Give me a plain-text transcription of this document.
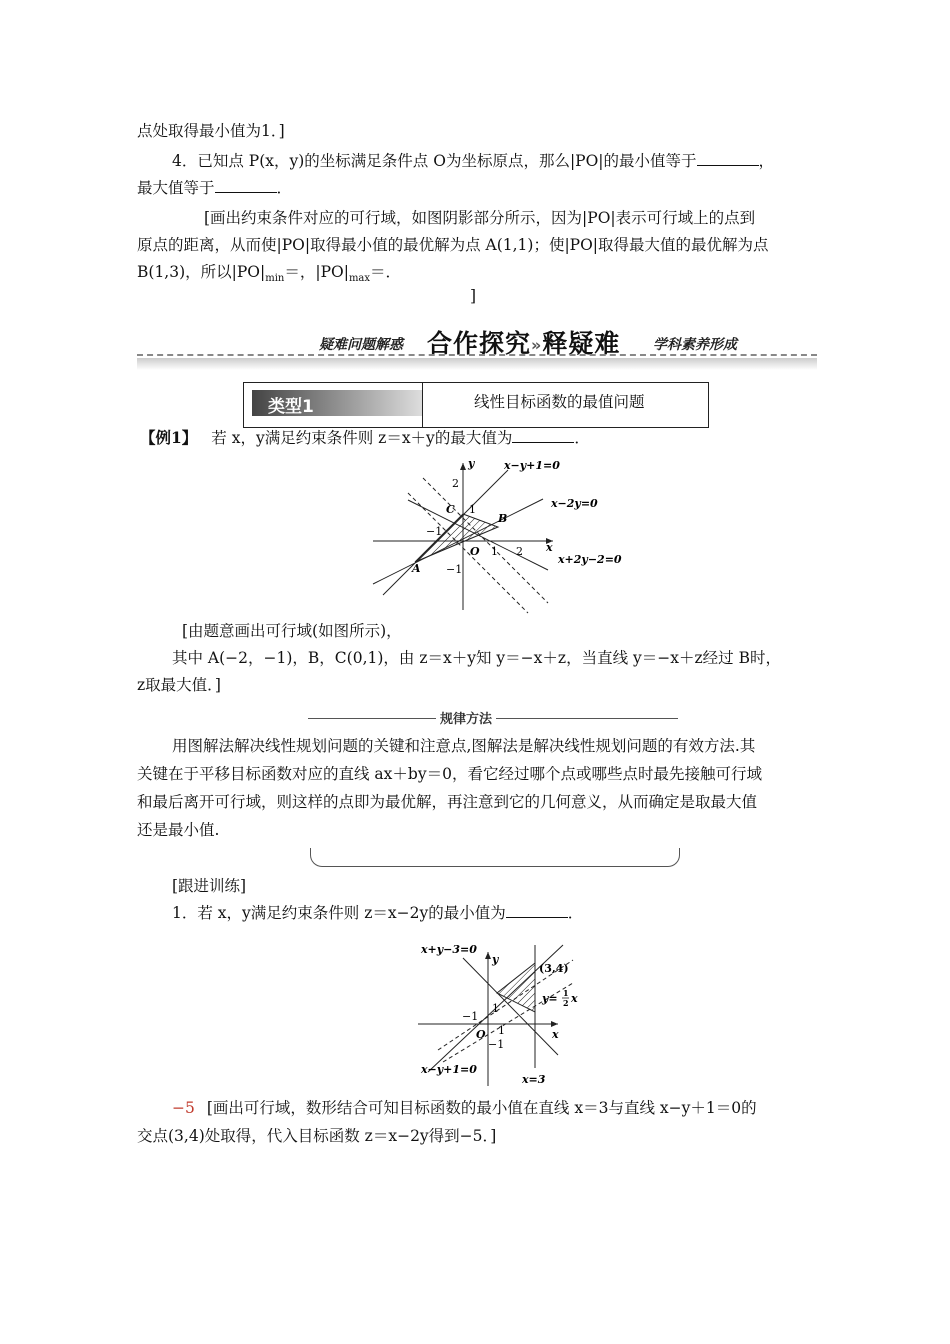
点处取得最小值为1．]
4．已知点 P(x，y)的坐标满足条件点 O为坐标原点，那么|PO|的最小值等于	，
最大值等于	．
[画出约束条件对应的可行域，如图阴影部分所示，因为|PO|表示可行域上的点到
原点的距离，从而使|PO|取得最小值的最优解为点 A(1,1)；使|PO|取得最大值的最优解为点
B(1,3)，所以$|PO|_{min}=$，$|PO|_{max}=$．
]
疑难问题解惑 合作探究»释疑难 学科素养形成
类型1	线性目标函数的最值问题
【例1】 若 x，y满足约束条件则 z＝x＋y的最大值为	．
y	x−y+1=0
x−2y=0
x
x+2y−2=0
2
C 1
B
−1
O 1 2
A −1
[由题意画出可行域(如图所示)，
其中 A(−2，−1)，B，C(0,1)，由 z＝x＋y知 y＝−x＋z，当直线 y＝−x＋z经过 B时，
z取最大值．]
规律方法
用图解法解决线性规划问题的关键和注意点,图解法是解决线性规划问题的有效方法.其
关键在于平移目标函数对应的直线 ax＋by＝0，看它经过哪个点或哪些点时最先接触可行域
和最后离开可行域，则这样的点即为最优解，再注意到它的几何意义，从而确定是取最大值
还是最小值.
[跟进训练]
1．若 x，y满足约束条件则 z＝x−2y的最小值为	．
x+y−3=0
y
(3,4)
y= 1
2 x
1
−1
1	x
O
−1
x−y+1=0
x=3
−5 [画出可行域，数形结合可知目标函数的最小值在直线 x＝3与直线 x−y＋1＝0的
交点(3,4)处取得，代入目标函数 z＝x−2y得到−5．]
